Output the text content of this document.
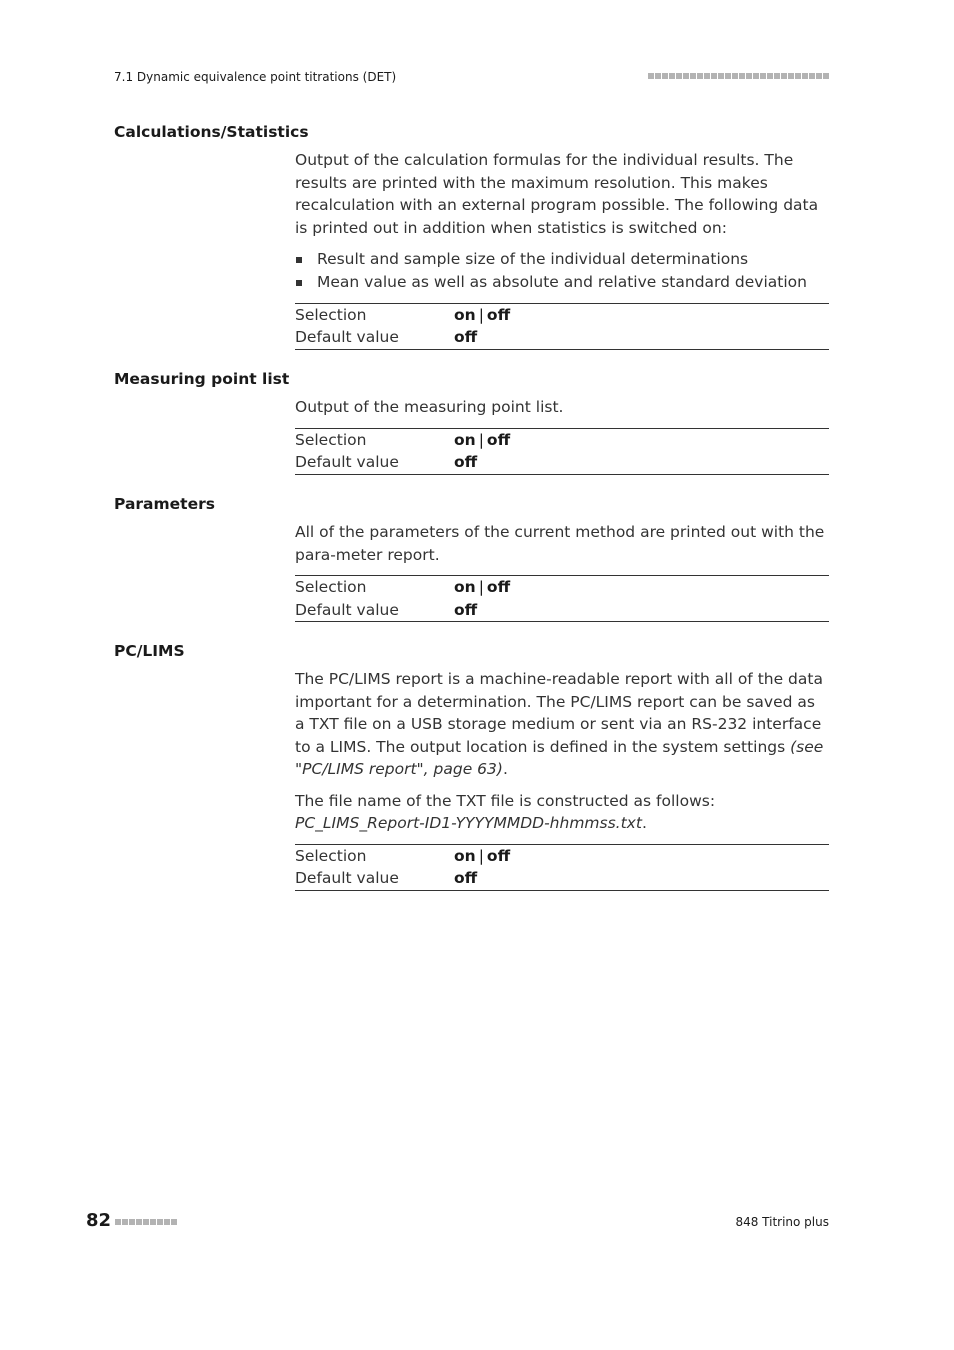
7.1 Dynamic equivalence point titrations (DET)
Calculations/Statistics

Output of the calculation formulas for the individual results. The results are printed with the maximum resolution. This makes recalculation with an external program possible. The following data is printed out in addition when statistics is switched on:

Result and sample size of the individual determinations
Mean value as well as absolute and relative standard deviation
Selection	on | off
Default value	off
Measuring point list

Output of the measuring point list.

Selection	on | off
Default value	off
Parameters

All of the parameters of the current method are printed out with the para-meter report.

Selection	on | off
Default value	off
PC/LIMS

The PC/LIMS report is a machine-readable report with all of the data important for a determination. The PC/LIMS report can be saved as a TXT file on a USB storage medium or sent via an RS-232 interface to a LIMS. The output location is defined in the system settings (see "PC/LIMS report", page 63).

The file name of the TXT file is constructed as follows: PC_LIMS_Report-ID1-YYYYMMDD-hhmmss.txt.

Selection	on | off
Default value	off
82	848 Titrino plus
